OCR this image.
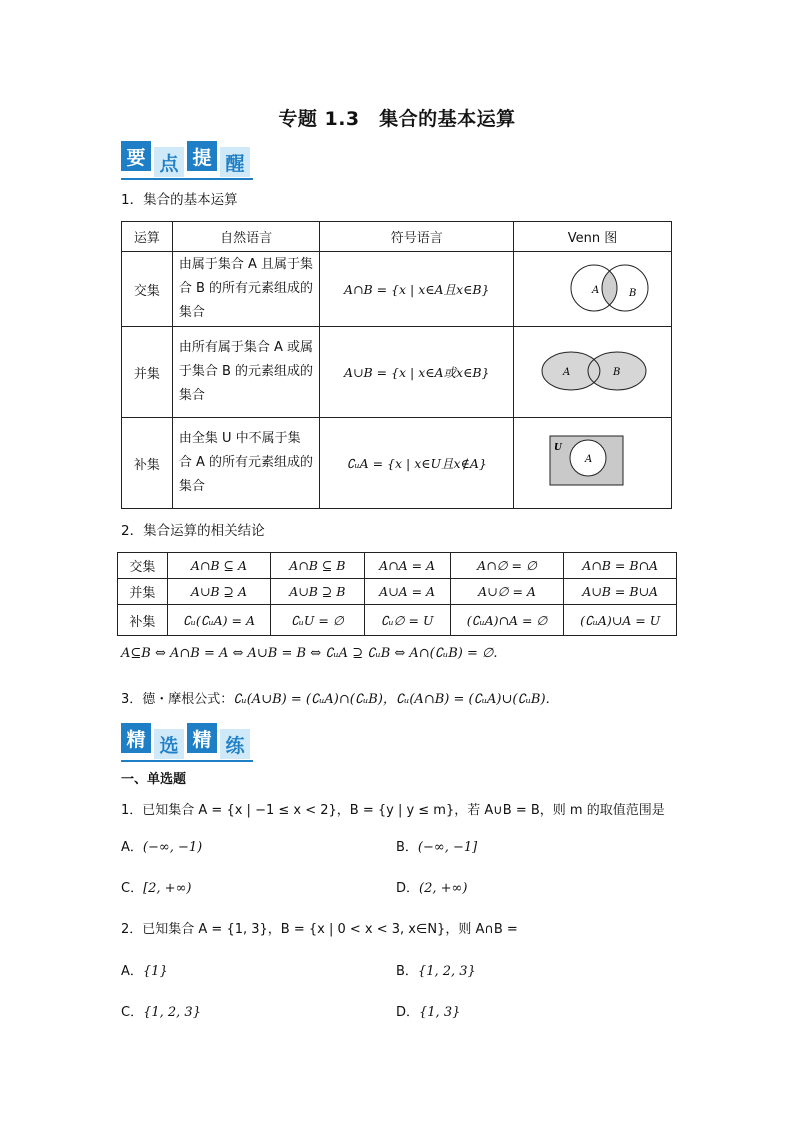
专题 1.3　集合的基本运算
要 点 提 醒
1．集合的基本运算
运算	自然语言	符号语言	Venn 图
交集	由属于集合 A 且属于集合 B 的所有元素组成的集合	A∩B = {x | x∈A且x∈B}	A B

并集	由所有属于集合 A 或属于集合 B 的元素组成的集合	A∪B = {x | x∈A或x∈B}	A B

补集	由全集 U 中不属于集合 A 的所有元素组成的集合	∁ᵤA = {x | x∈U且x∉A}	U
A
2．集合运算的相关结论
交集	A∩B ⊆ A	A∩B ⊆ B	A∩A = A	A∩∅ = ∅	A∩B = B∩A
并集	A∪B ⊇ A	A∪B ⊇ B	A∪A = A	A∪∅ = A	A∪B = B∪A
补集	∁ᵤ(∁ᵤA) = A	∁ᵤU = ∅	∁ᵤ∅ = U	(∁ᵤA)∩A = ∅	(∁ᵤA)∪A = U
A⊆B ⇔ A∩B = A ⇔ A∪B = B ⇔ ∁ᵤA ⊇ ∁ᵤB ⇔ A∩(∁ᵤB) = ∅.
3．德・摩根公式：∁ᵤ(A∪B) = (∁ᵤA)∩(∁ᵤB)，∁ᵤ(A∩B) = (∁ᵤA)∪(∁ᵤB)．
精 选 精 练
一、单选题
1．已知集合 A = {x | −1 ≤ x < 2}，B = {y | y ≤ m}，若 A∪B = B，则 m 的取值范围是
A．(−∞, −1)	B．(−∞, −1]
C．[2, +∞)	D．(2, +∞)
2．已知集合 A = {1, 3}，B = {x | 0 < x < 3, x∈N}，则 A∩B =
A．{1}	B．{1, 2, 3}
C．{1, 2, 3}	D．{1, 3}
